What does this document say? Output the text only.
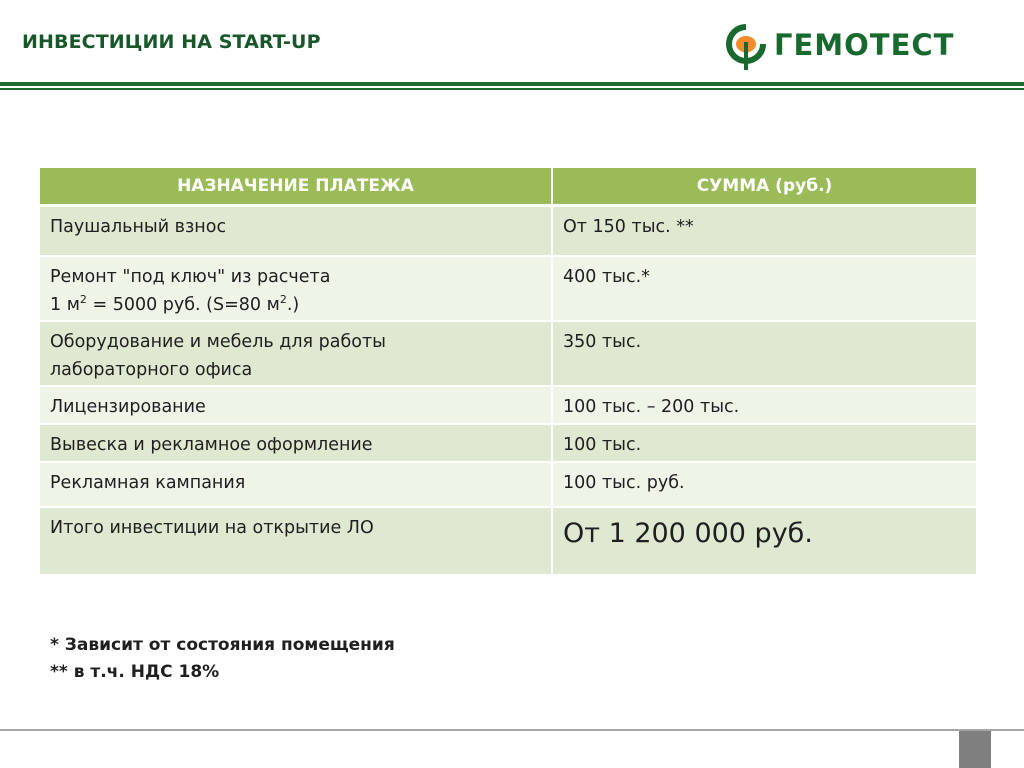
ИНВЕСТИЦИИ НА START-UP	ГЕМОТЕСТ
НАЗНАЧЕНИЕ ПЛАТЕЖА	СУММА (руб.)
Паушальный взнос	От 150 тыс. **
Ремонт "под ключ" из расчета
1 $м^2 = 5000$ руб. (S=80 $м^2$.)	400 тыс.*
Оборудование и мебель для работы
лабораторного офиса	350 тыс.
Лицензирование	100 тыс. – 200 тыс.
Вывеска и рекламное оформление	100 тыс.
Рекламная кампания	100 тыс. руб.
Итого инвестиции на открытие ЛО	От 1 200 000 руб.
* Зависит от состояния помещения
** в т.ч. НДС 18%
